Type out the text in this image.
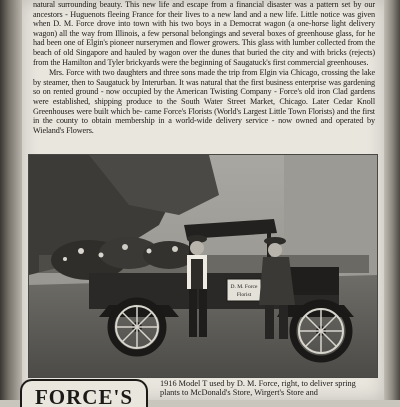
natural surrounding beauty. This new life and escape from a financial disaster was a pattern set by our ancestors - Huguenots fleeing France for their lives to a new land and a new life. Little notice was given when D. M. Force drove into town with his two boys in a Democrat wagon (a one-horse light delivery wagon) all the way from Illinois, a few personal belongings and several boxes of greenhouse glass, for he had been one of Elgin's pioneer nurserymen and flower growers. This glass with lumber collected from the beach of old Singapore and hauled by wagon over the dunes that buried the city and with bricks (rejects) from the Hamilton and Tyler brickyards were the beginning of Saugatuck's first commercial greenhouses.

Mrs. Force with two daughters and three sons made the trip from Elgin via Chicago, crossing the lake by steamer, then to Saugatuck by Interurban. It was natural that the first business enterprise was gardening so on rented ground - now occupied by the American Twisting Company - Force's old iron Clad gardens were established, shipping produce to the South Water Street Market, Chicago. Later Cedar Knoll Greenhouses were built which be- came Force's Florists (World's Largest Little Town Florists) and the first in the county to obtain membership in a world-wide delivery service - now owned and operated by Wieland's Flowers.

D. M. Force
Florist
FORCE'S

1916 Model T used by D. M. Force, right, to deliver spring plants to McDonald's Store, Wirgert's Store and
